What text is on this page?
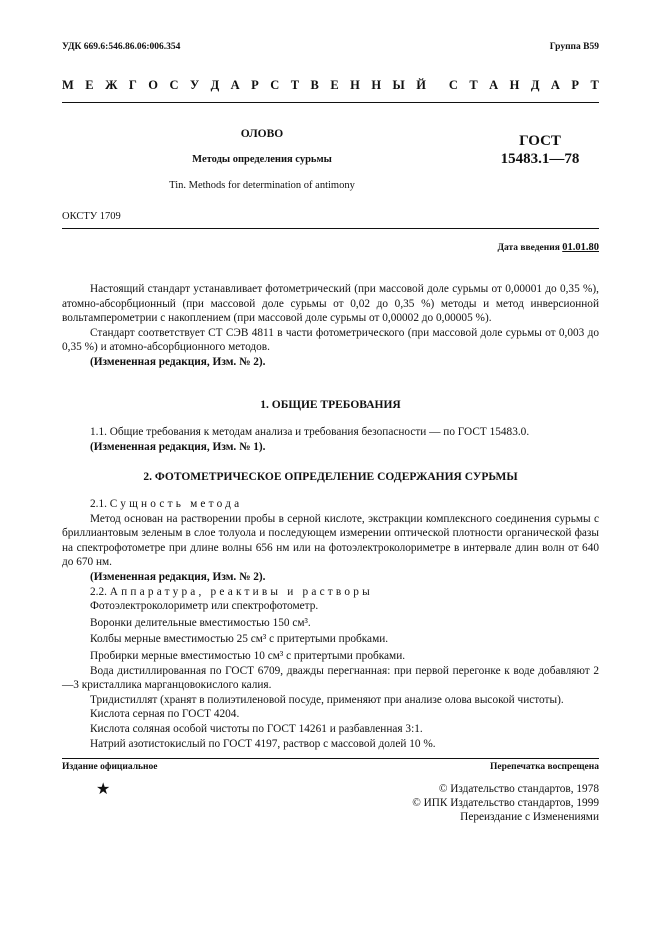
УДК 669.6:546.86.06:006.354	Группа В59
М Е Ж Г О С У Д А Р С Т В Е Н Н Ы Й С Т А Н Д А Р Т
ОЛОВО
Методы определения сурьмы
Tin. Methods for determination of antimony
ГОСТ
15483.1—78
ОКСТУ 1709
Дата введения 01.01.80

Настоящий стандарт устанавливает фотометрический (при массовой доле сурьмы от 0,00001 до 0,35 %), атомно-абсорбционный (при массовой доле сурьмы от 0,02 до 0,35 %) методы и метод инверсионной вольтамперометрии с накоплением (при массовой доле сурьмы от 0,00002 до 0,00005 %).

Стандарт соответствует СТ СЭВ 4811 в части фотометрического (при массовой доле сурьмы от 0,003 до 0,35 %) и атомно-абсорбционного методов.

(Измененная редакция, Изм. № 2).

1. ОБЩИЕ ТРЕБОВАНИЯ

1.1. Общие требования к методам анализа и требования безопасности — по ГОСТ 15483.0.

(Измененная редакция, Изм. № 1).

2. ФОТОМЕТРИЧЕСКОЕ ОПРЕДЕЛЕНИЕ СОДЕРЖАНИЯ СУРЬМЫ

2.1. Сущность метода

Метод основан на растворении пробы в серной кислоте, экстракции комплексного соединения сурьмы с бриллиантовым зеленым в слое толуола и последующем измерении оптической плотности органической фазы на спектрофотометре при длине волны 656 нм или на фотоэлектроколориметре в интервале длин волн от 640 до 670 нм.

(Измененная редакция, Изм. № 2).

2.2. Аппаратура, реактивы и растворы

Фотоэлектроколориметр или спектрофотометр.

Воронки делительные вместимостью 150 см³.

Колбы мерные вместимостью 25 см³ с притертыми пробками.

Пробирки мерные вместимостью 10 см³ с притертыми пробками.

Вода дистиллированная по ГОСТ 6709, дважды перегнанная: при первой перегонке к воде добавляют 2—3 кристаллика марганцовокислого калия.

Тридистиллят (хранят в полиэтиленовой посуде, применяют при анализе олова высокой чистоты).

Кислота серная по ГОСТ 4204.

Кислота соляная особой чистоты по ГОСТ 14261 и разбавленная 3:1.

Натрий азотистокислый по ГОСТ 4197, раствор с массовой долей 10 %.

Издание официальное	Перепечатка воспрещена
★	© Издательство стандартов, 1978
© ИПК Издательство стандартов, 1999
Переиздание с Изменениями
